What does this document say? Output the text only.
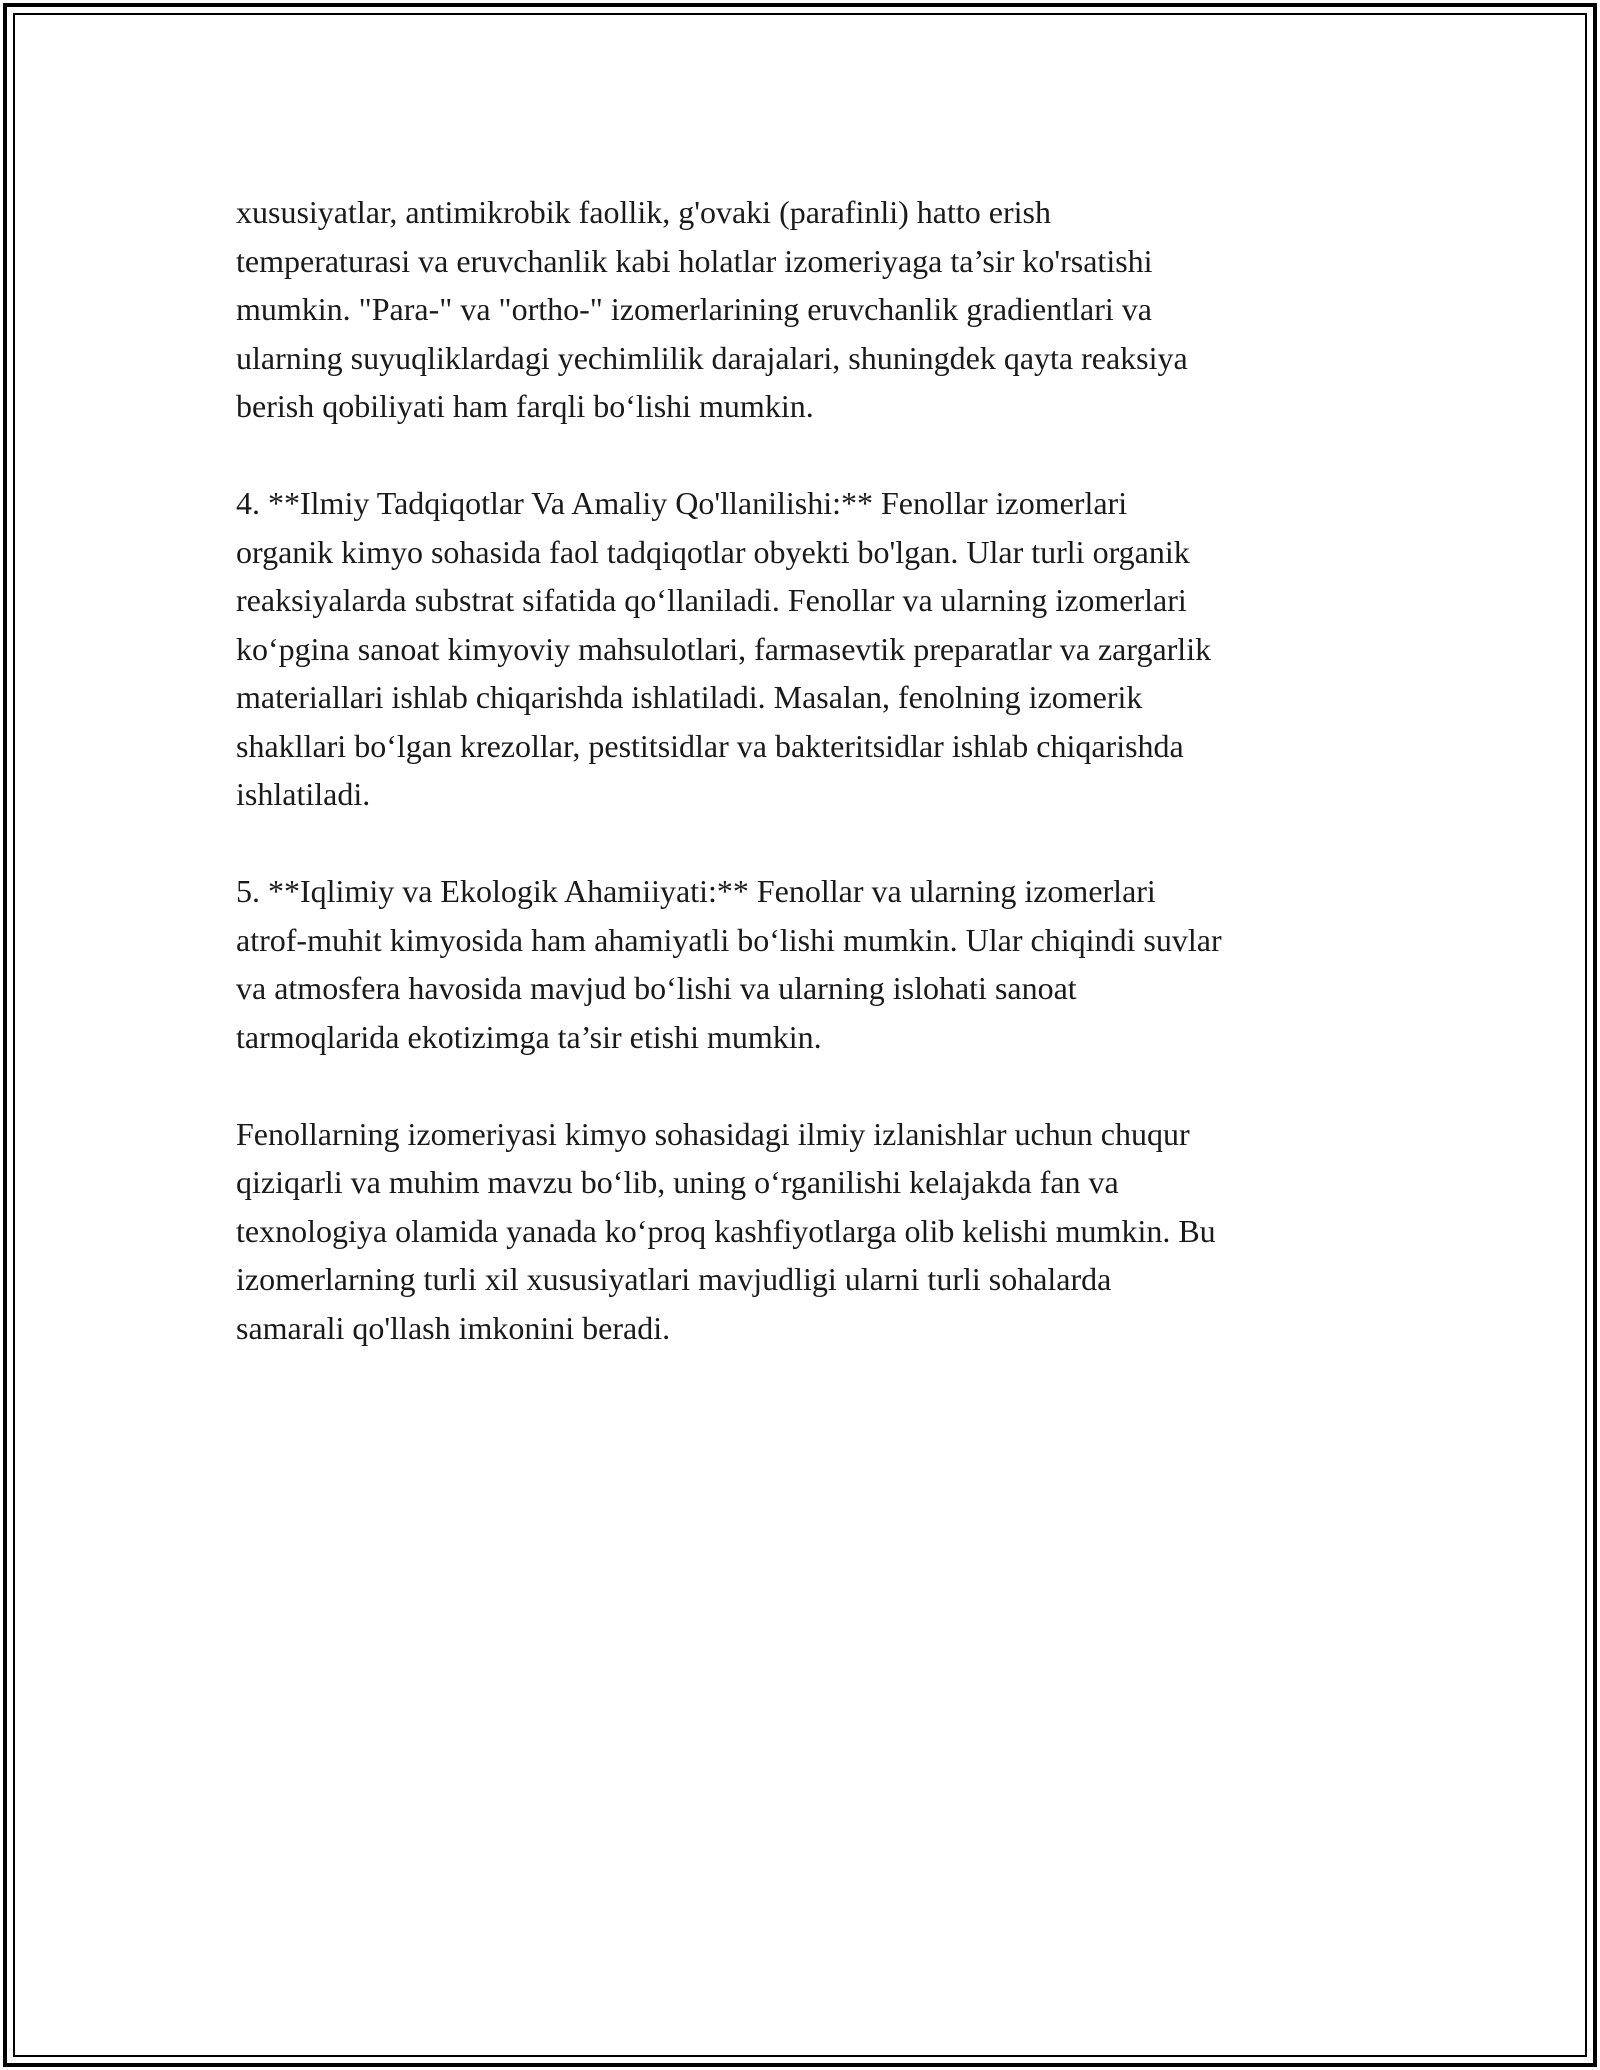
xususiyatlar, antimikrobik faollik, g'ovaki (parafinli) hatto erish
temperaturasi va eruvchanlik kabi holatlar izomeriyaga ta’sir ko'rsatishi
mumkin. "Para-" va "ortho-" izomerlarining eruvchanlik gradientlari va
ularning suyuqliklardagi yechimlilik darajalari, shuningdek qayta reaksiya
berish qobiliyati ham farqli bo‘lishi mumkin.

4. **Ilmiy Tadqiqotlar Va Amaliy Qo'llanilishi:** Fenollar izomerlari
organik kimyo sohasida faol tadqiqotlar obyekti bo'lgan. Ular turli organik
reaksiyalarda substrat sifatida qo‘llaniladi. Fenollar va ularning izomerlari
ko‘pgina sanoat kimyoviy mahsulotlari, farmasevtik preparatlar va zargarlik
materiallari ishlab chiqarishda ishlatiladi. Masalan, fenolning izomerik
shakllari bo‘lgan krezollar, pestitsidlar va bakteritsidlar ishlab chiqarishda
ishlatiladi.

5. **Iqlimiy va Ekologik Ahamiiyati:** Fenollar va ularning izomerlari
atrof-muhit kimyosida ham ahamiyatli bo‘lishi mumkin. Ular chiqindi suvlar
va atmosfera havosida mavjud bo‘lishi va ularning islohati sanoat
tarmoqlarida ekotizimga ta’sir etishi mumkin.

Fenollarning izomeriyasi kimyo sohasidagi ilmiy izlanishlar uchun chuqur
qiziqarli va muhim mavzu bo‘lib, uning o‘rganilishi kelajakda fan va
texnologiya olamida yanada ko‘proq kashfiyotlarga olib kelishi mumkin. Bu
izomerlarning turli xil xususiyatlari mavjudligi ularni turli sohalarda
samarali qo'llash imkonini beradi.
